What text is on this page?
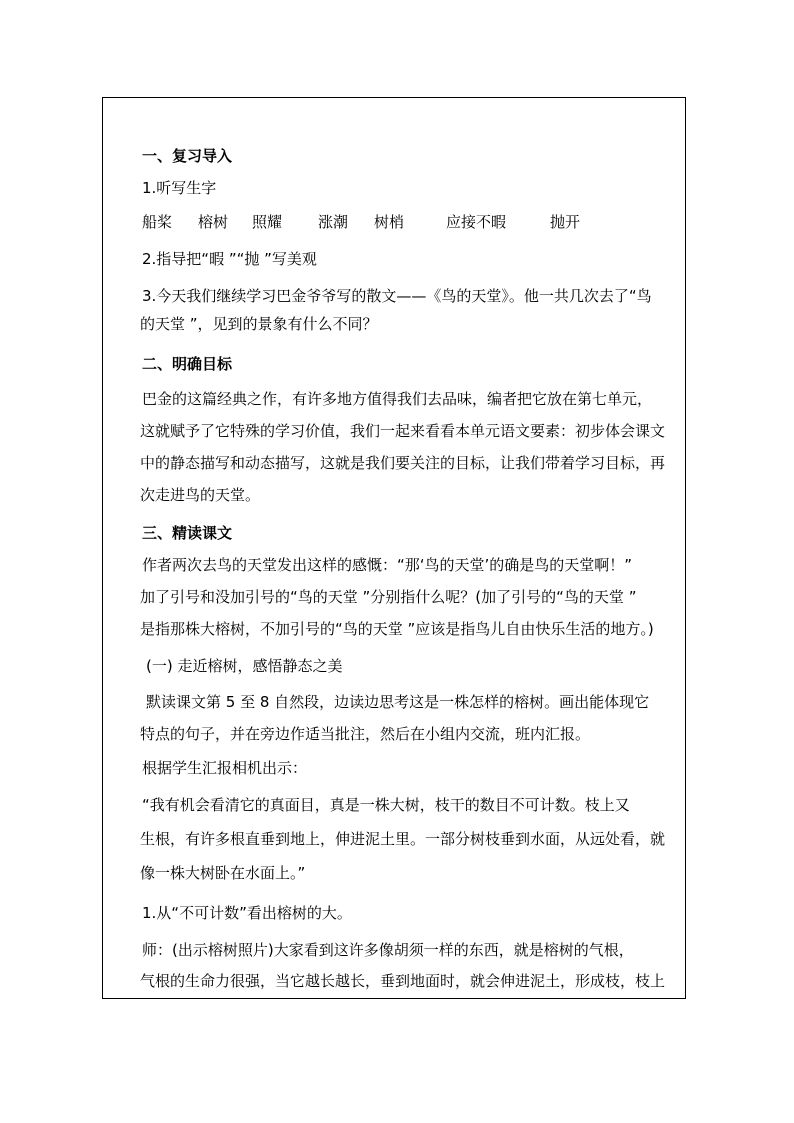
一、复习导入
1.听写生字
船桨 榕树 照耀 涨潮 树梢	应接不暇	抛开
2.指导把“暇 ”“抛 ”写美观
3.今天我们继续学习巴金爷爷写的散文——《鸟的天堂》。他一共几次去了“鸟
的天堂 ”，见到的景象有什么不同？
二、明确目标
巴金的这篇经典之作，有许多地方值得我们去品味，编者把它放在第七单元，
这就赋予了它特殊的学习价值，我们一起来看看本单元语文要素：初步体会课文
中的静态描写和动态描写，这就是我们要关注的目标，让我们带着学习目标，再
次走进鸟的天堂。
三、精读课文
作者两次去鸟的天堂发出这样的感慨：“那‘鸟的天堂’的确是鸟的天堂啊！”
加了引号和没加引号的“鸟的天堂 ”分别指什么呢？(加了引号的“鸟的天堂 ”
是指那株大榕树，不加引号的“鸟的天堂 ”应该是指鸟儿自由快乐生活的地方。)
(一) 走近榕树，感悟静态之美
默读课文第 5 至 8 自然段，边读边思考这是一株怎样的榕树。画出能体现它
特点的句子，并在旁边作适当批注，然后在小组内交流，班内汇报。
根据学生汇报相机出示：
“我有机会看清它的真面目，真是一株大树，枝干的数目不可计数。枝上又
生根，有许多根直垂到地上，伸进泥土里。一部分树枝垂到水面，从远处看，就
像一株大树卧在水面上。”
1.从“不可计数”看出榕树的大。
师：(出示榕树照片)大家看到这许多像胡须一样的东西，就是榕树的气根，
气根的生命力很强，当它越长越长，垂到地面时，就会伸进泥土，形成枝，枝上
